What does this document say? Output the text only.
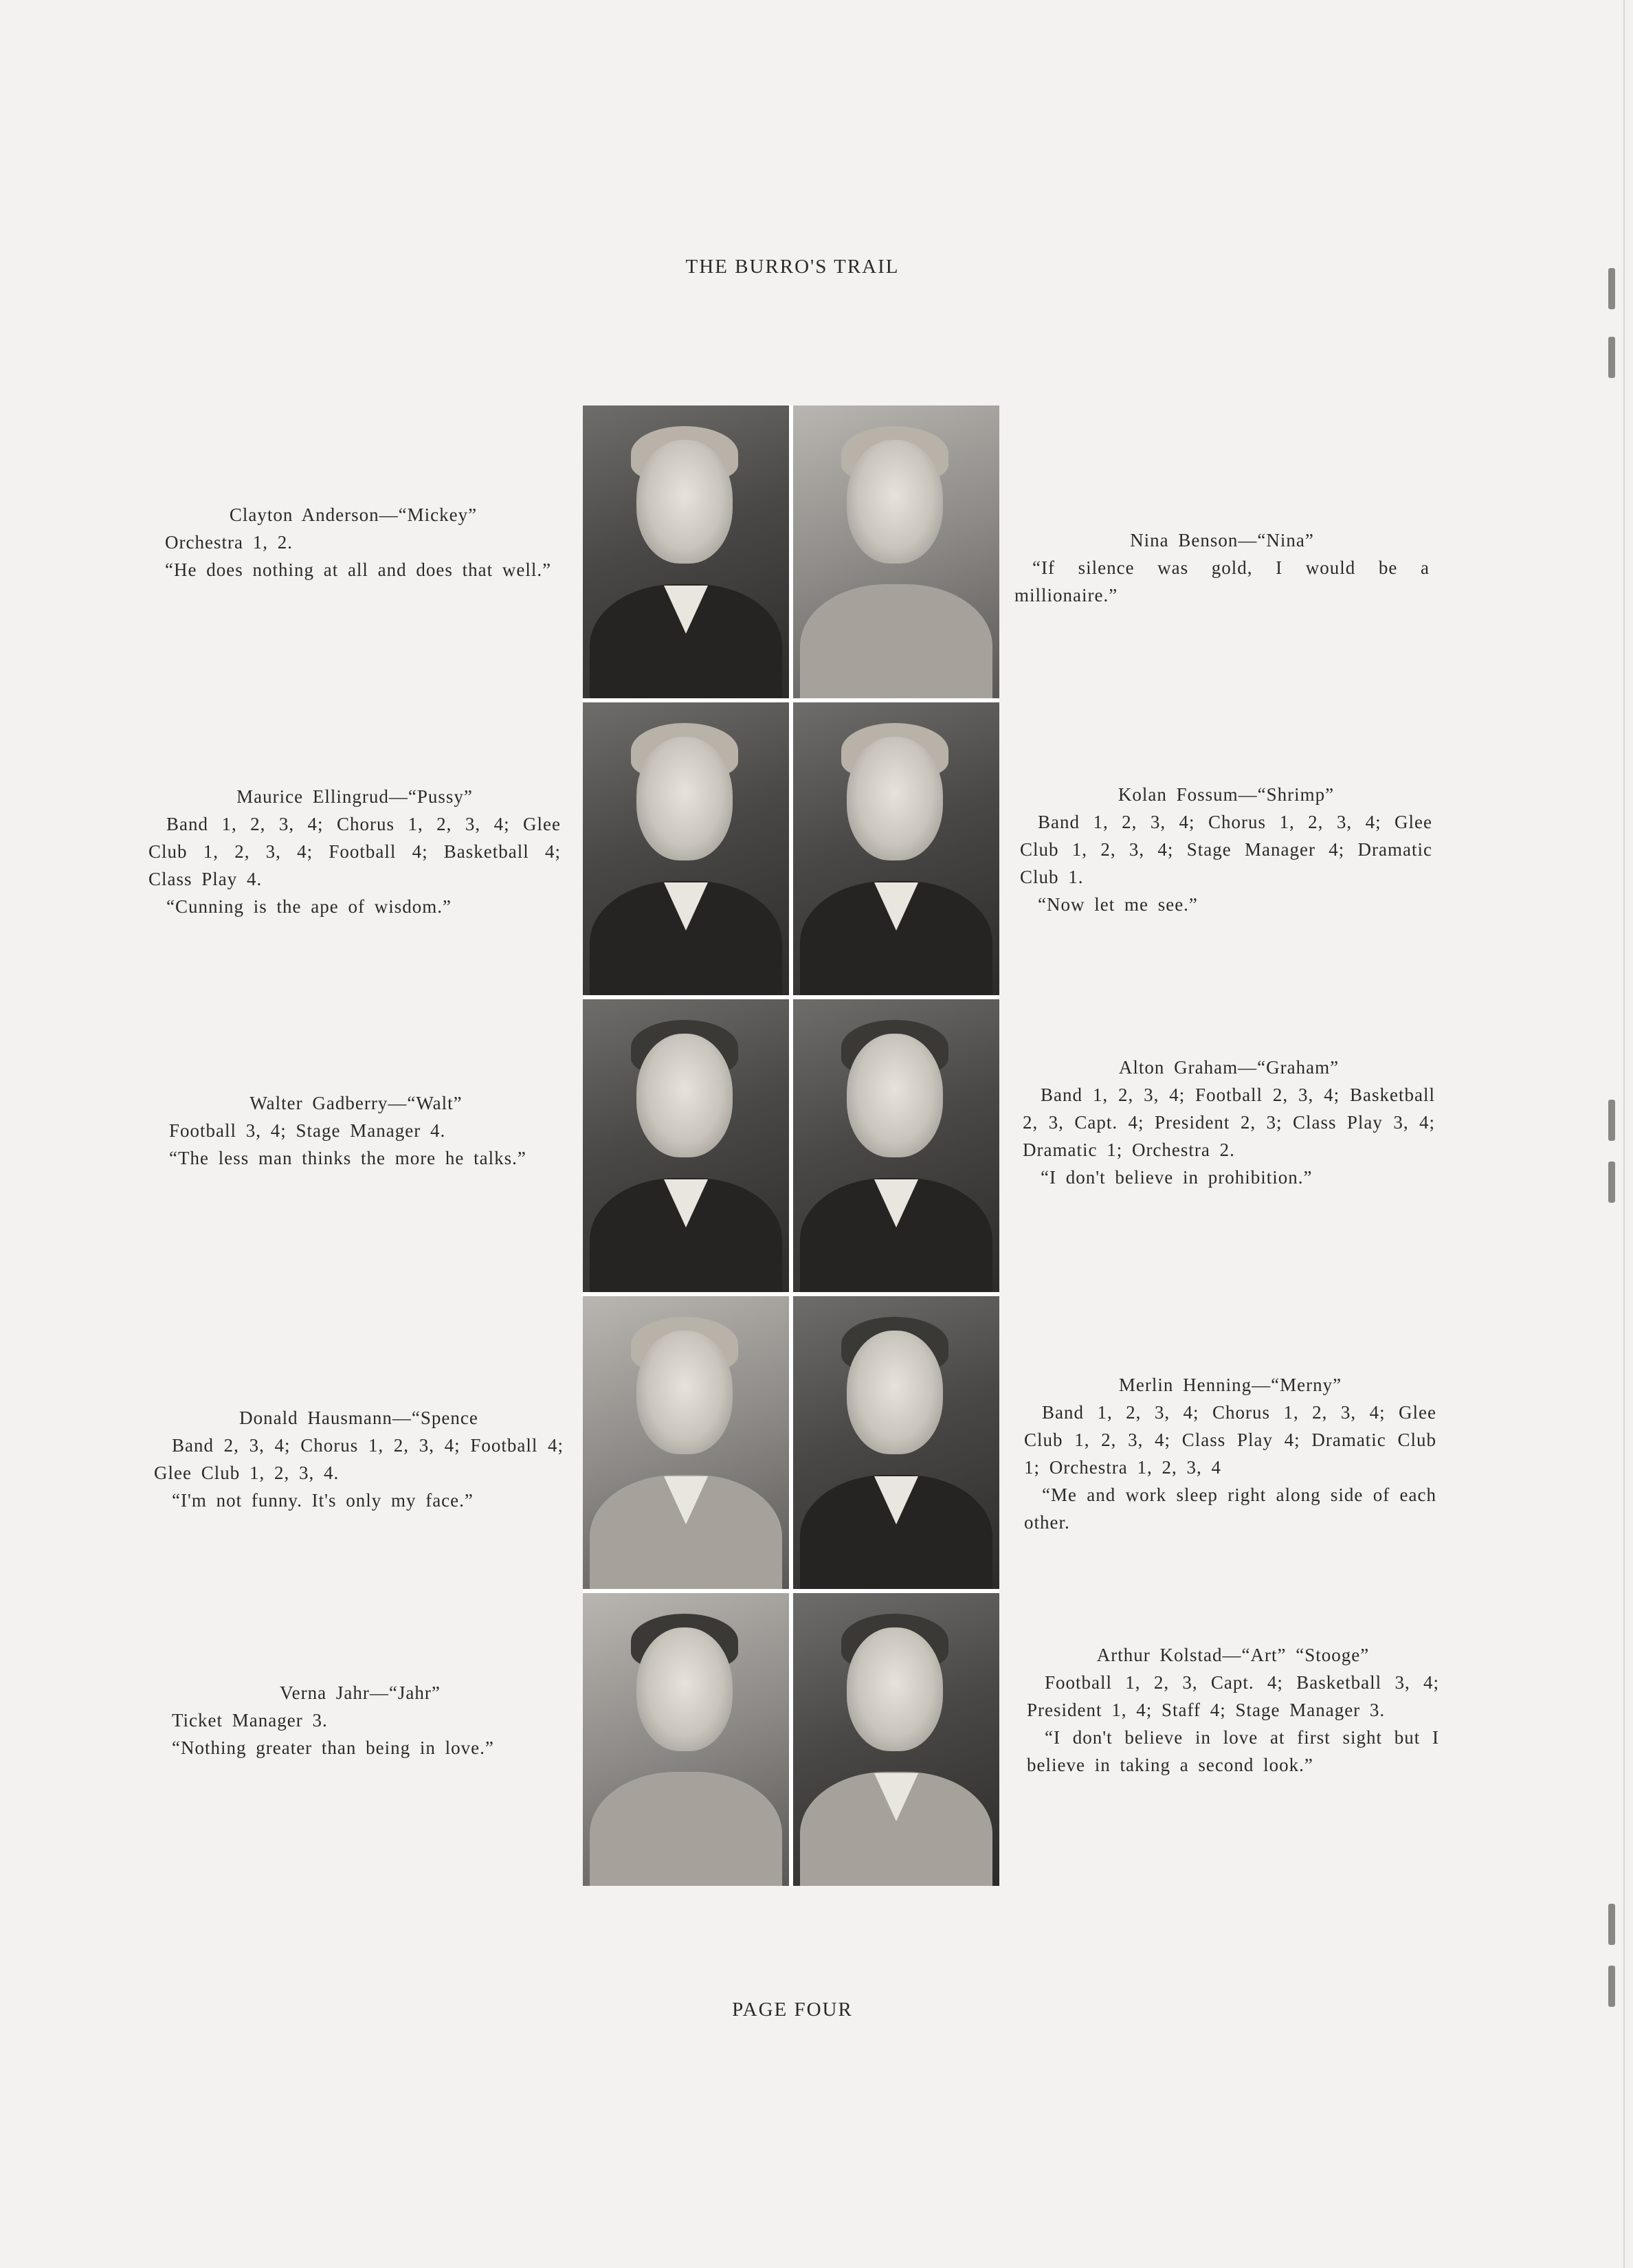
THE BURRO'S TRAIL
Clayton Anderson—“Mickey”
Orchestra 1, 2.
“He does nothing at all and does that well.”
Maurice Ellingrud—“Pussy”
Band 1, 2, 3, 4; Chorus 1, 2, 3, 4; Glee Club 1, 2, 3, 4; Football 4; Basketball 4; Class Play 4.
“Cunning is the ape of wisdom.”
Walter Gadberry—“Walt”
Football 3, 4; Stage Manager 4.
“The less man thinks the more he talks.”
Donald Hausmann—“Spence
Band 2, 3, 4; Chorus 1, 2, 3, 4; Football 4; Glee Club 1, 2, 3, 4.
“I'm not funny. It's only my face.”
Verna Jahr—“Jahr”
Ticket Manager 3.
“Nothing greater than being in love.”
Nina Benson—“Nina”
“If silence was gold, I would be a millionaire.”
Kolan Fossum—“Shrimp”
Band 1, 2, 3, 4; Chorus 1, 2, 3, 4; Glee Club 1, 2, 3, 4; Stage Manager 4; Dramatic Club 1.
“Now let me see.”
Alton Graham—“Graham”
Band 1, 2, 3, 4; Football 2, 3, 4; Basketball 2, 3, Capt. 4; President 2, 3; Class Play 3, 4; Dramatic 1; Orchestra 2.
“I don't believe in prohibition.”
Merlin Henning—“Merny”
Band 1, 2, 3, 4; Chorus 1, 2, 3, 4; Glee Club 1, 2, 3, 4; Class Play 4; Dramatic Club 1; Orchestra 1, 2, 3, 4
“Me and work sleep right along side of each other.
Arthur Kolstad—“Art” “Stooge”
Football 1, 2, 3, Capt. 4; Basketball 3, 4; President 1, 4; Staff 4; Stage Manager 3.
“I don't believe in love at first sight but I believe in taking a second look.”
PAGE FOUR
